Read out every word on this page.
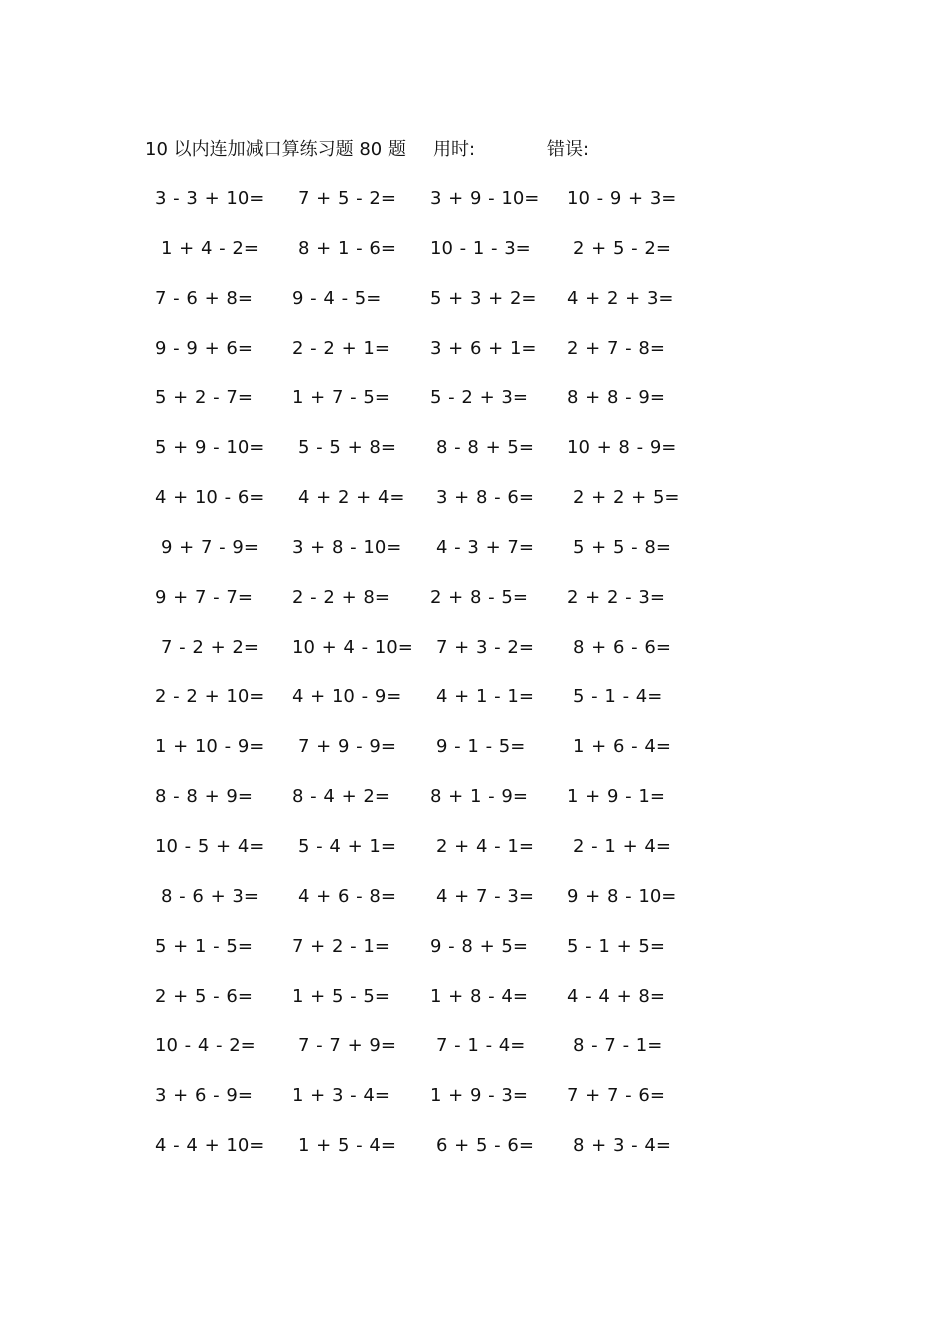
10 以内连加减口算练习题 80 题 用时:	错误:
3 - 3 + 10= 7 + 5 - 2= 3 + 9 - 10= 10 - 9 + 3=
1 + 4 - 2= 8 + 1 - 6= 10 - 1 - 3= 2 + 5 - 2=
7 - 6 + 8= 9 - 4 - 5=	5 + 3 + 2= 4 + 2 + 3=
9 - 9 + 6= 2 - 2 + 1= 3 + 6 + 1= 2 + 7 - 8=
5 + 2 - 7= 1 + 7 - 5= 5 - 2 + 3= 8 + 8 - 9=
5 + 9 - 10= 5 - 5 + 8= 8 - 8 + 5= 10 + 8 - 9=
4 + 10 - 6= 4 + 2 + 4= 3 + 8 - 6= 2 + 2 + 5=
9 + 7 - 9= 3 + 8 - 10= 4 - 3 + 7= 5 + 5 - 8=
9 + 7 - 7= 2 - 2 + 8= 2 + 8 - 5= 2 + 2 - 3=
7 - 2 + 2= 10 + 4 - 10= 7 + 3 - 2= 8 + 6 - 6=
2 - 2 + 10= 4 + 10 - 9= 4 + 1 - 1= 5 - 1 - 4=
1 + 10 - 9= 7 + 9 - 9= 9 - 1 - 5=	1 + 6 - 4=
8 - 8 + 9= 8 - 4 + 2= 8 + 1 - 9= 1 + 9 - 1=
10 - 5 + 4= 5 - 4 + 1= 2 + 4 - 1= 2 - 1 + 4=
8 - 6 + 3= 4 + 6 - 8= 4 + 7 - 3= 9 + 8 - 10=
5 + 1 - 5= 7 + 2 - 1= 9 - 8 + 5= 5 - 1 + 5=
2 + 5 - 6= 1 + 5 - 5= 1 + 8 - 4= 4 - 4 + 8=
10 - 4 - 2= 7 - 7 + 9= 7 - 1 - 4=	8 - 7 - 1=
3 + 6 - 9= 1 + 3 - 4= 1 + 9 - 3= 7 + 7 - 6=
4 - 4 + 10= 1 + 5 - 4= 6 + 5 - 6= 8 + 3 - 4=
